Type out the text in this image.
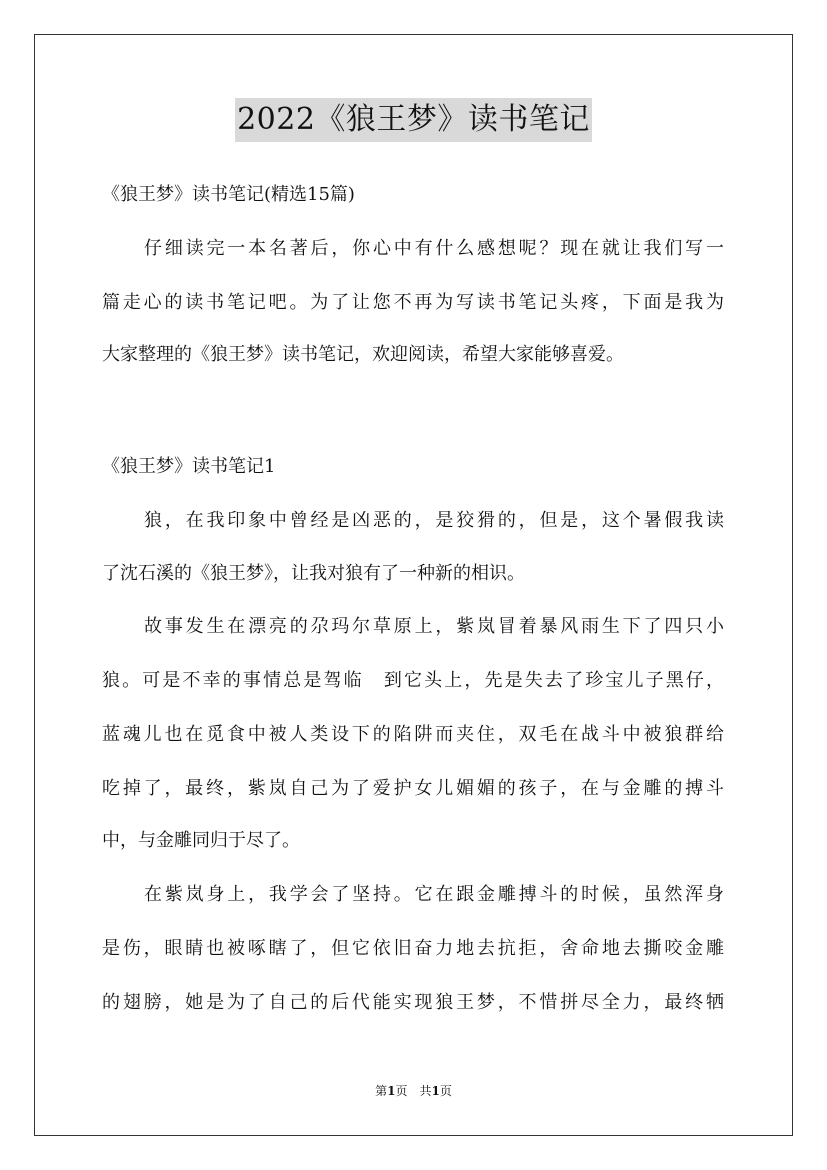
2022《狼王梦》读书笔记
《狼王梦》读书笔记(精选15篇)
仔细读完一本名著后，你心中有什么感想呢？现在就让我们写一
篇走心的读书笔记吧。为了让您不再为写读书笔记头疼，下面是我为
大家整理的《狼王梦》读书笔记，欢迎阅读，希望大家能够喜爱。
《狼王梦》读书笔记1
狼，在我印象中曾经是凶恶的，是狡猾的，但是，这个暑假我读
了沈石溪的《狼王梦》，让我对狼有了一种新的相识。
故事发生在漂亮的尕玛尔草原上，紫岚冒着暴风雨生下了四只小
狼。可是不幸的事情总是驾临　到它头上，先是失去了珍宝儿子黑仔，
蓝魂儿也在觅食中被人类设下的陷阱而夹住，双毛在战斗中被狼群给
吃掉了，最终，紫岚自己为了爱护女儿媚媚的孩子，在与金雕的搏斗
中，与金雕同归于尽了。
在紫岚身上，我学会了坚持。它在跟金雕搏斗的时候，虽然浑身
是伤，眼睛也被啄瞎了，但它依旧奋力地去抗拒，舍命地去撕咬金雕
的翅膀，她是为了自己的后代能实现狼王梦，不惜拼尽全力，最终牺
第1页　共1页
